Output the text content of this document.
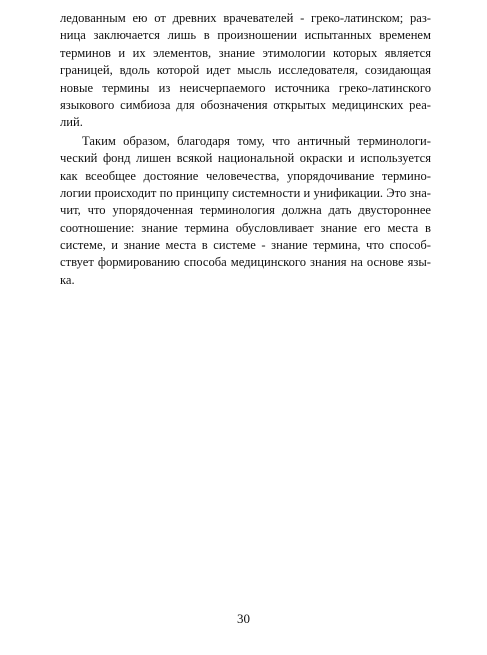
ледованным ею от древних врачевателей - греко-латинском; раз-
ница заключается лишь в произношении испытанных временем
терминов и их элементов, знание этимологии которых является
границей, вдоль которой идет мысль исследователя, созидающая
новые термины из неисчерпаемого источника греко-латинского
языкового симбиоза для обозначения открытых медицинских реа-
лий.
Таким образом, благодаря тому, что античный терминологи-
ческий фонд лишен всякой национальной окраски и используется
как всеобщее достояние человечества, упорядочивание термино-
логии происходит по принципу системности и унификации. Это зна-
чит, что упорядоченная терминология должна дать двустороннее
соотношение: знание термина обусловливает знание его места в
системе, и знание места в системе - знание термина, что способ-
ствует формированию способа медицинского знания на основе язы-
ка.
30
